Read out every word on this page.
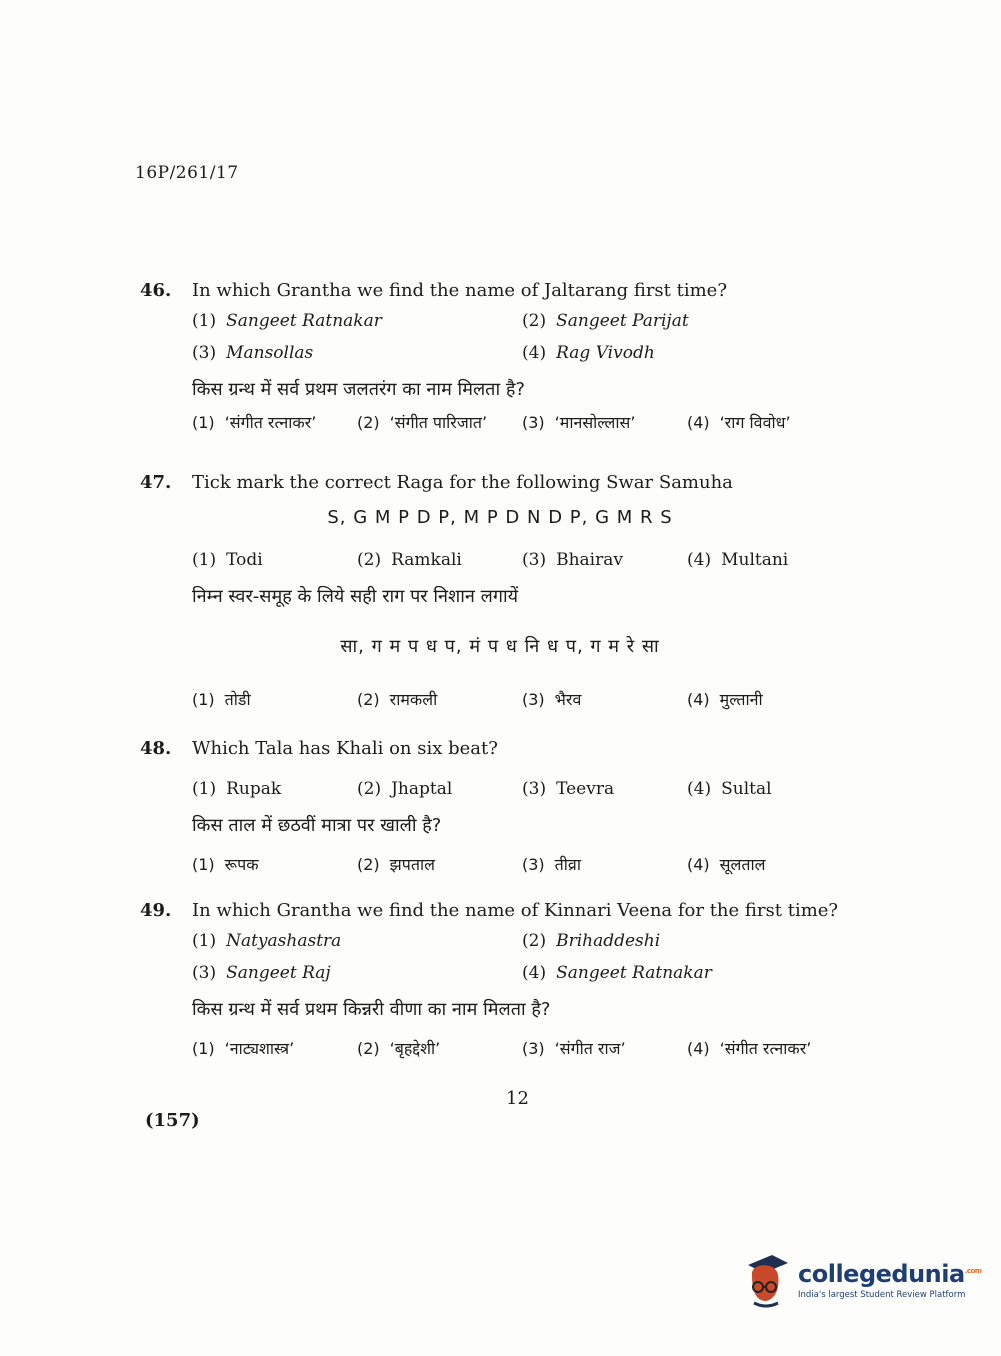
16P/261/17
46.	In which Grantha we find the name of Jaltarang first time?
(1) Sangeet Ratnakar	(2) Sangeet Parijat
(3) Mansollas	(4) Rag Vivodh
किस ग्रन्थ में सर्व प्रथम जलतरंग का नाम मिलता है?
(1) ‘संगीत रत्नाकर’	(2) ‘संगीत पारिजात’	(3) ‘मानसोल्लास’	(4) ‘राग विवोध’
47.	Tick mark the correct Raga for the following Swar Samuha
S, G M P D P, M P D N D P, G M R S
(1) Todi	(2) Ramkali	(3) Bhairav	(4) Multani
निम्न स्वर-समूह के लिये सही राग पर निशान लगायें
सा, ग म प ध प, मं प ध नि ध प, ग म रे सा
(1) तोडी	(2) रामकली	(3) भैरव	(4) मुल्तानी
48.	Which Tala has Khali on six beat?
(1) Rupak	(2) Jhaptal	(3) Teevra	(4) Sultal
किस ताल में छठवीं मात्रा पर खाली है?
(1) रूपक	(2) झपताल	(3) तीव्रा	(4) सूलताल
49.	In which Grantha we find the name of Kinnari Veena for the first time?
(1) Natyashastra	(2) Brihaddeshi
(3) Sangeet Raj	(4) Sangeet Ratnakar
किस ग्रन्थ में सर्व प्रथम किन्नरी वीणा का नाम मिलता है?
(1) ‘नाट्यशास्त्र’	(2) ‘बृहद्देशी’	(3) ‘संगीत राज’	(4) ‘संगीत रत्नाकर’
12
(157)
collegedunia$^{.com}$
India's largest Student Review Platform
